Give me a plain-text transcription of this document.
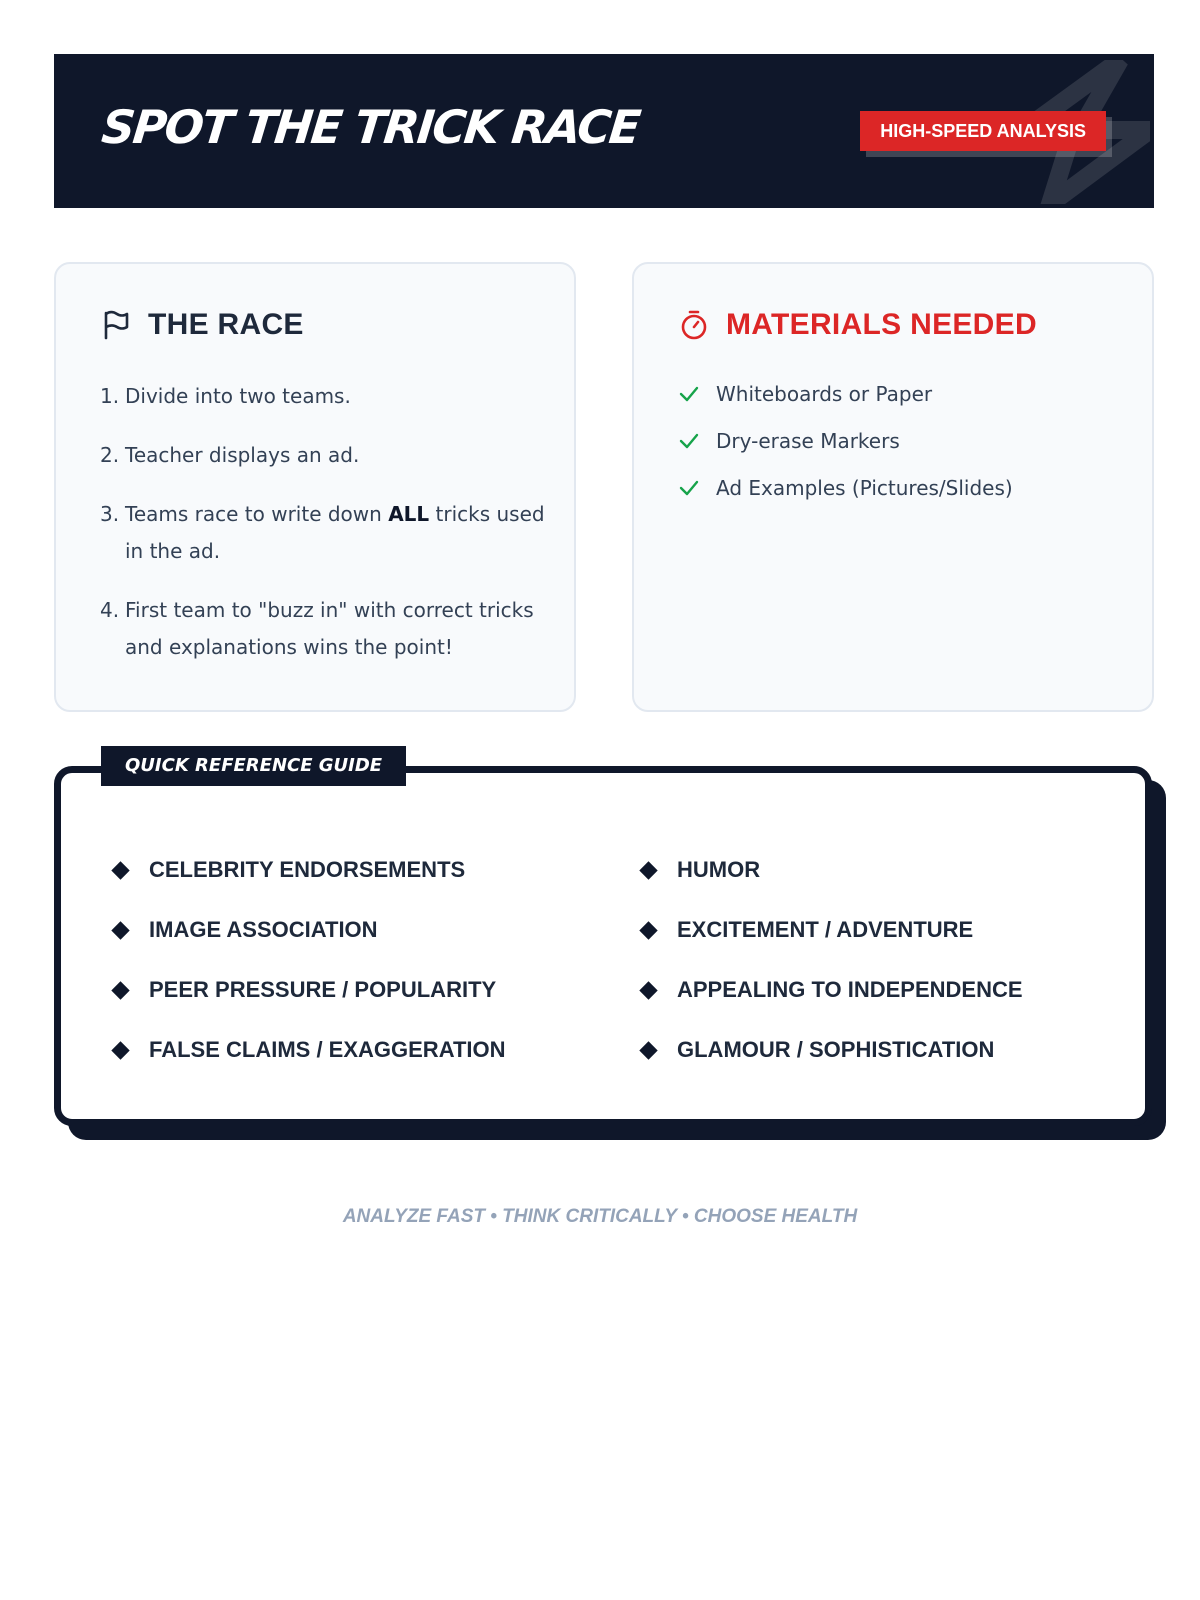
SPOT THE TRICK RACE	HIGH-SPEED ANALYSIS
THE RACE
1. Divide into two teams.
2. Teacher displays an ad.
3. Teams race to write down ALL tricks used in the ad.
4. First team to "buzz in" with correct tricks and explanations wins the point!
MATERIALS NEEDED
Whiteboards or Paper
Dry-erase Markers
Ad Examples (Pictures/Slides)
QUICK REFERENCE GUIDE
CELEBRITY ENDORSEMENTS
IMAGE ASSOCIATION
PEER PRESSURE / POPULARITY
FALSE CLAIMS / EXAGGERATION
HUMOR
EXCITEMENT / ADVENTURE
APPEALING TO INDEPENDENCE
GLAMOUR / SOPHISTICATION
ANALYZE FAST • THINK CRITICALLY • CHOOSE HEALTH
